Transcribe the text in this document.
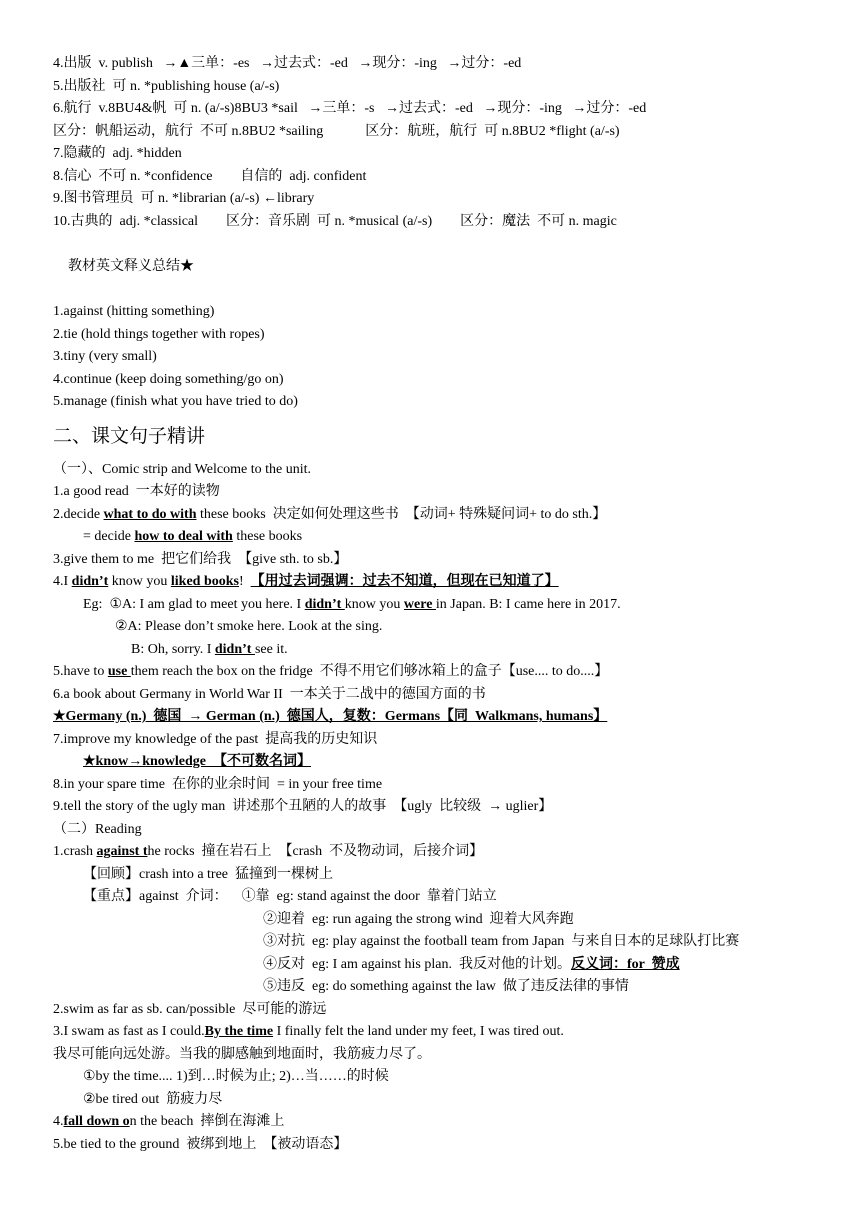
4.出版  v. publish   →▲三单：-es   →过去式：-ed   →现分：-ing   →过分：-ed
5.出版社  可 n. *publishing house (a/-s)
6.航行  v.8BU4&帆  可 n. (a/-s)8BU3 *sail   →三单：-s   →过去式：-ed   →现分：-ing   →过分：-ed
区分：帆船运动，航行  不可 n.8BU2 *sailing            区分：航班，航行  可 n.8BU2 *flight (a/-s)
7.隐藏的  adj. *hidden
8.信心  不可 n. *confidence        自信的  adj. confident
9.图书管理员  可 n. *librarian (a/-s) ←library
10.古典的  adj. *classical        区分：音乐剧  可 n. *musical (a/-s)        区分：魔法  不可 n. magic
教材英文释义总结★
1.against (hitting something)
2.tie (hold things together with ropes)
3.tiny (very small)
4.continue (keep doing something/go on)
5.manage (finish what you have tried to do)
二、课文句子精讲
（一）、Comic strip and Welcome to the unit.
1.a good read  一本好的读物
2.decide what to do with these books  决定如何处理这些书  【动词+ 特殊疑问词+ to do sth.】
= decide how to deal with these books
3.give them to me  把它们给我  【give sth. to sb.】
4.I didn’t know you liked books!  【用过去词强调：过去不知道，但现在已知道了】
Eg:  ①A: I am glad to meet you here. I didn’t know you were in Japan. B: I came here in 2017.
②A: Please don’t smoke here. Look at the sing.
B: Oh, sorry. I didn’t see it.
5.have to use them reach the box on the fridge  不得不用它们够冰箱上的盒子【use.... to do....】
6.a book about Germany in World War II  一本关于二战中的德国方面的书
★Germany (n.)  德国  → German (n.)  德国人，复数：Germans【同  Walkmans, humans】
7.improve my knowledge of the past  提高我的历史知识
★know→knowledge  【不可数名词】
8.in your spare time  在你的业余时间  = in your free time
9.tell the story of the ugly man  讲述那个丑陋的人的故事  【ugly  比较级  → uglier】
（二）Reading
1.crash against the rocks  撞在岩石上  【crash  不及物动词，后接介词】
【回顾】crash into a tree  猛撞到一棵树上
【重点】against  介词：    ①靠  eg: stand against the door  靠着门站立
②迎着  eg: run againg the strong wind  迎着大风奔跑
③对抗  eg: play against the football team from Japan  与来自日本的足球队打比赛
④反对  eg: I am against his plan.  我反对他的计划。反义词：for  赞成
⑤违反  eg: do something against the law  做了违反法律的事情
2.swim as far as sb. can/possible  尽可能的游远
3.I swam as fast as I could.By the time I finally felt the land under my feet, I was tired out.
我尽可能向远处游。当我的脚感触到地面时，我筋疲力尽了。
①by the time.... 1)到…时候为止; 2)…当……的时候
②be tired out  筋疲力尽
4.fall down on the beach  摔倒在海滩上
5.be tied to the ground  被绑到地上  【被动语态】
